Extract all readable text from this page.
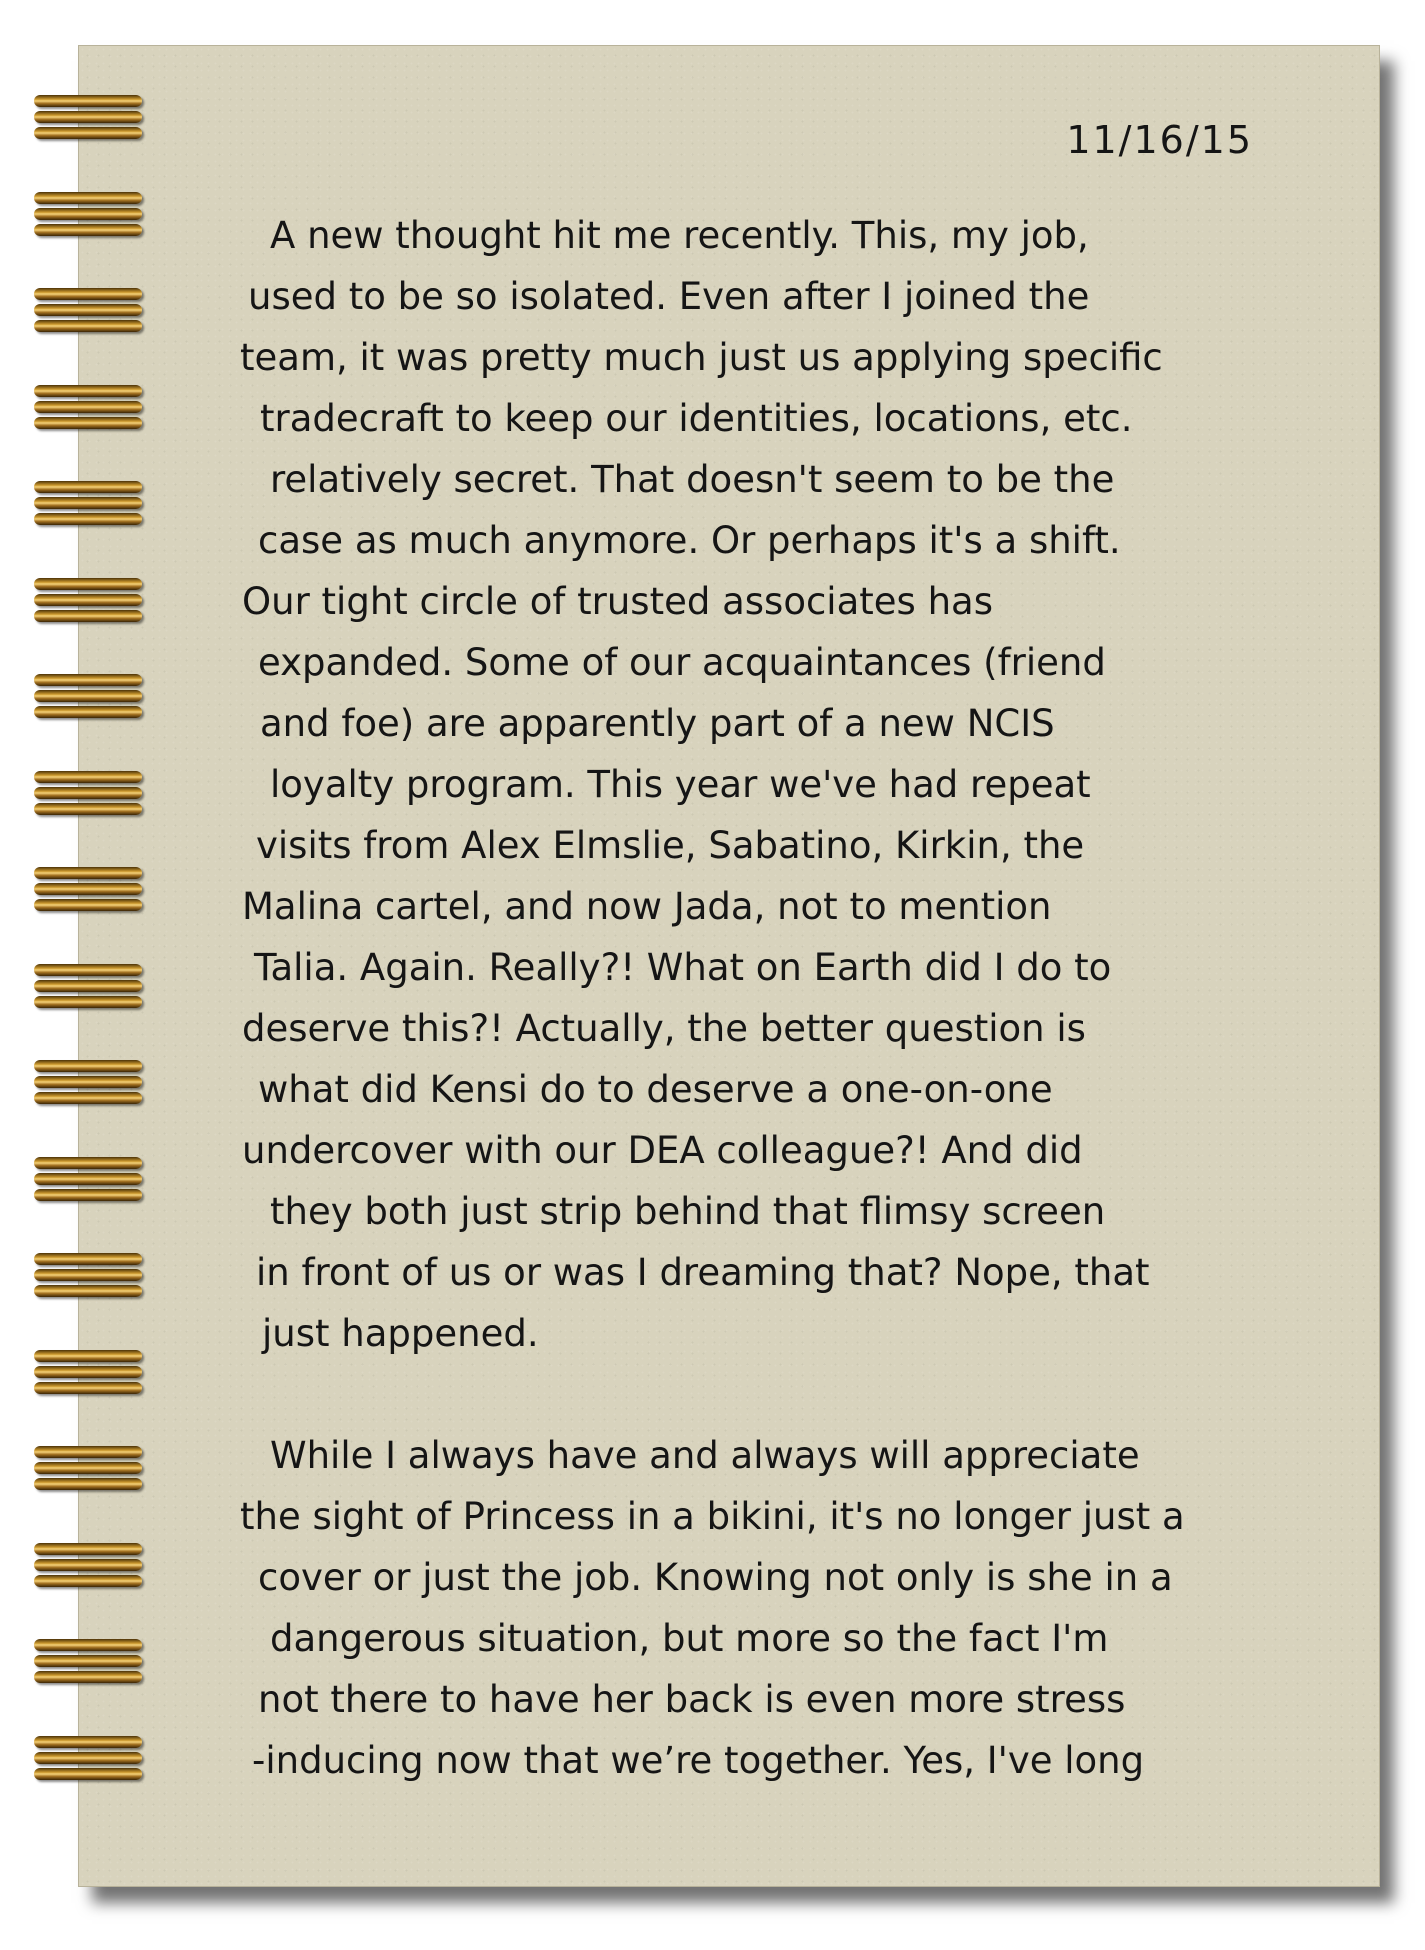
11/16/15
A new thought hit me recently. This, my job,
used to be so isolated. Even after I joined the
team, it was pretty much just us applying specific
tradecraft to keep our identities, locations, etc.
relatively secret. That doesn't seem to be the
case as much anymore. Or perhaps it's a shift.
Our tight circle of trusted associates has
expanded. Some of our acquaintances (friend
and foe) are apparently part of a new NCIS
loyalty program. This year we've had repeat
visits from Alex Elmslie, Sabatino, Kirkin, the
Malina cartel, and now Jada, not to mention
Talia. Again. Really?! What on Earth did I do to
deserve this?! Actually, the better question is
what did Kensi do to deserve a one-on-one
undercover with our DEA colleague?! And did
they both just strip behind that flimsy screen
in front of us or was I dreaming that? Nope, that
just happened.
While I always have and always will appreciate
the sight of Princess in a bikini, it's no longer just a
cover or just the job. Knowing not only is she in a
dangerous situation, but more so the fact I'm
not there to have her back is even more stress
-inducing now that we’re together. Yes, I've long
